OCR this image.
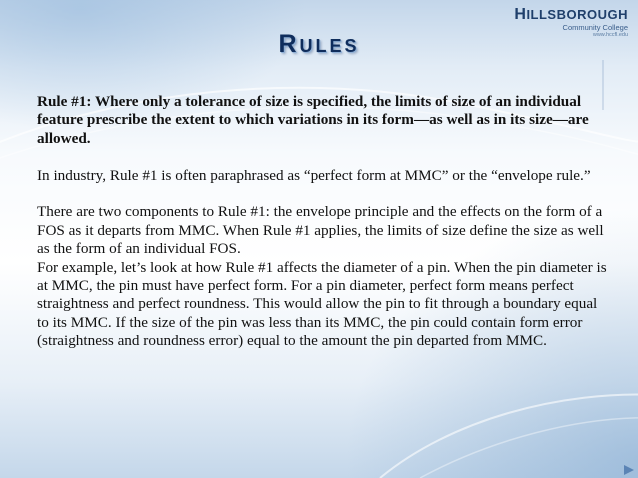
HILLSBOROUGH
Community College
www.hccfl.edu
Rules

Rule #1: Where only a tolerance of size is specified, the limits of size of an individual feature prescribe the extent to which variations in its form—as well as in its size—are allowed.

In industry, Rule #1 is often paraphrased as “perfect form at MMC” or the “envelope rule.”

There are two components to Rule #1: the envelope principle and the effects on the form of a FOS as it departs from MMC. When Rule #1 applies, the limits of size define the size as well as the form of an individual FOS.

For example, let’s look at how Rule #1 affects the diameter of a pin. When the pin diameter is at MMC, the pin must have perfect form. For a pin diameter, perfect form means perfect straightness and perfect roundness. This would allow the pin to fit through a boundary equal to its MMC. If the size of the pin was less than its MMC, the pin could contain form error (straightness and roundness error) equal to the amount the pin departed from MMC.
